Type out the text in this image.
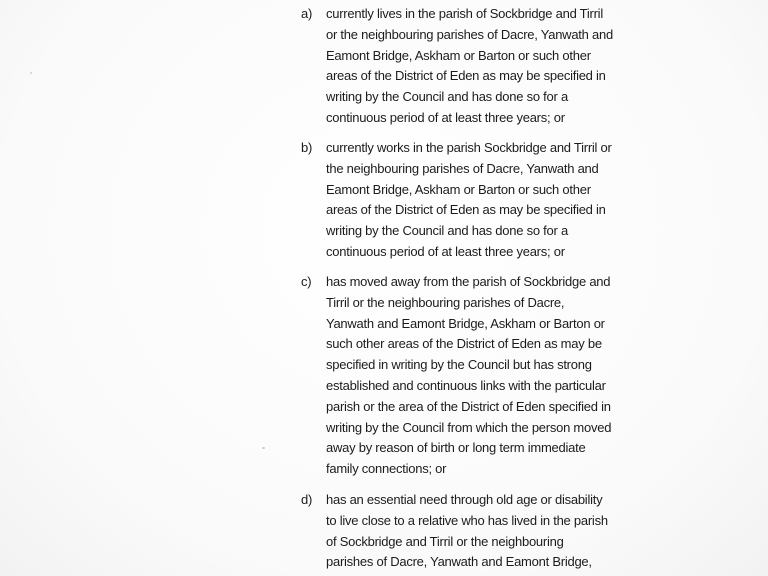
a) currently lives in the parish of Sockbridge and Tirril
or the neighbouring parishes of Dacre, Yanwath and
Eamont Bridge, Askham or Barton or such other
areas of the District of Eden as may be specified in
writing by the Council and has done so for a
continuous period of at least three years; or

b) currently works in the parish Sockbridge and Tirril or
the neighbouring parishes of Dacre, Yanwath and
Eamont Bridge, Askham or Barton or such other
areas of the District of Eden as may be specified in
writing by the Council and has done so for a
continuous period of at least three years; or

c) has moved away from the parish of Sockbridge and
Tirril or the neighbouring parishes of Dacre,
Yanwath and Eamont Bridge, Askham or Barton or
such other areas of the District of Eden as may be
specified in writing by the Council but has strong
established and continuous links with the particular
parish or the area of the District of Eden specified in
writing by the Council from which the person moved
away by reason of birth or long term immediate
family connections; or

d) has an essential need through old age or disability
to live close to a relative who has lived in the parish
of Sockbridge and Tirril or the neighbouring
parishes of Dacre, Yanwath and Eamont Bridge,
